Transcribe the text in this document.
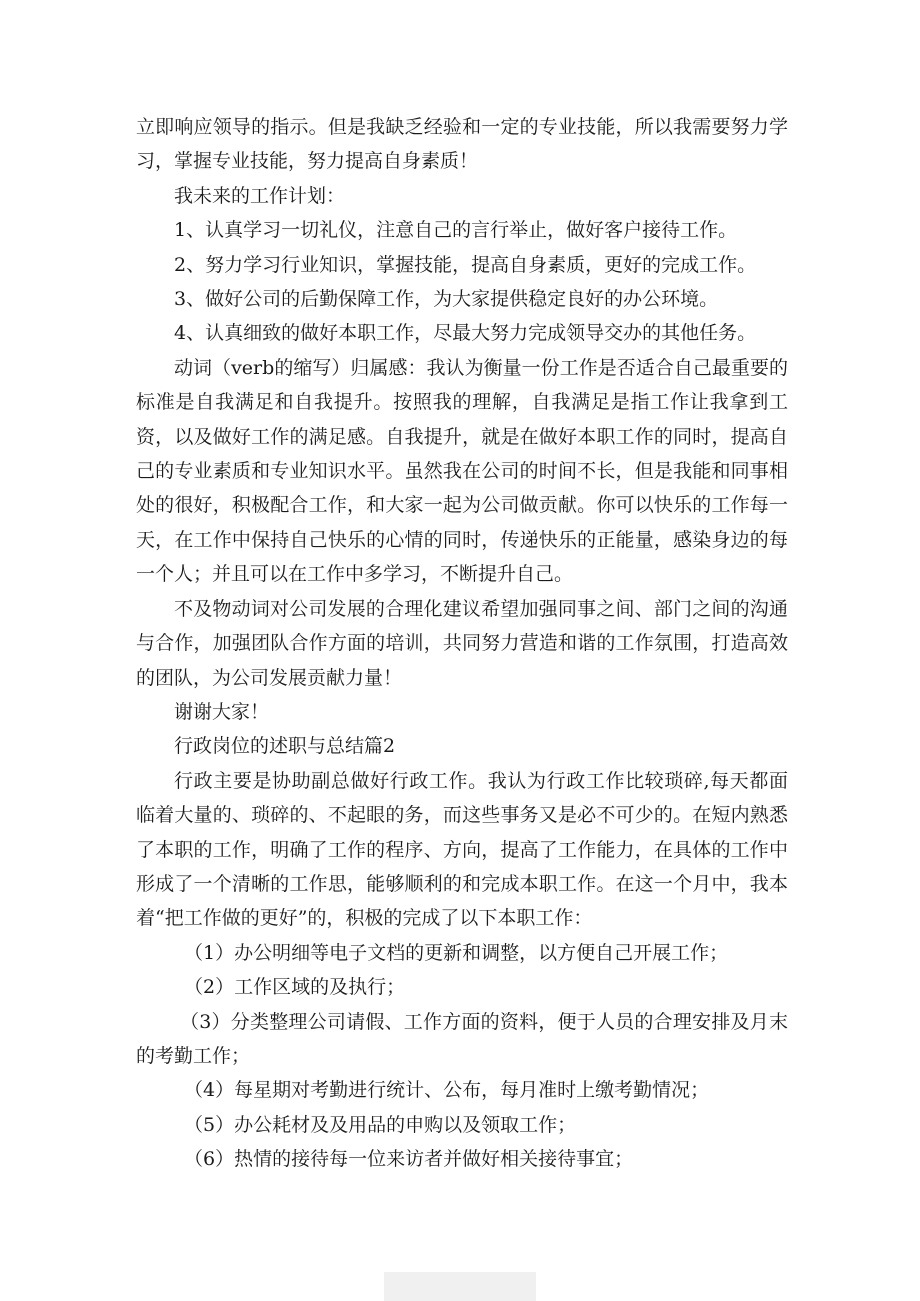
立即响应领导的指示。但是我缺乏经验和一定的专业技能，所以我需要努力学习，掌握专业技能，努力提高自身素质！

我未来的工作计划：

1、认真学习一切礼仪，注意自己的言行举止，做好客户接待工作。

2、努力学习行业知识，掌握技能，提高自身素质，更好的完成工作。

3、做好公司的后勤保障工作，为大家提供稳定良好的办公环境。

4、认真细致的做好本职工作，尽最大努力完成领导交办的其他任务。

动词（verb的缩写）归属感：我认为衡量一份工作是否适合自己最重要的标准是自我满足和自我提升。按照我的理解，自我满足是指工作让我拿到工资，以及做好工作的满足感。自我提升，就是在做好本职工作的同时，提高自己的专业素质和专业知识水平。虽然我在公司的时间不长，但是我能和同事相处的很好，积极配合工作，和大家一起为公司做贡献。你可以快乐的工作每一天，在工作中保持自己快乐的心情的同时，传递快乐的正能量，感染身边的每一个人；并且可以在工作中多学习，不断提升自己。

不及物动词对公司发展的合理化建议希望加强同事之间、部门之间的沟通与合作，加强团队合作方面的培训，共同努力营造和谐的工作氛围，打造高效的团队，为公司发展贡献力量！

谢谢大家！

行政岗位的述职与总结篇2

行政主要是协助副总做好行政工作。我认为行政工作比较琐碎,每天都面临着大量的、琐碎的、不起眼的务，而这些事务又是必不可少的。在短内熟悉了本职的工作，明确了工作的程序、方向，提高了工作能力，在具体的工作中形成了一个清晰的工作思，能够顺利的和完成本职工作。在这一个月中，我本着“把工作做的更好”的，积极的完成了以下本职工作：

（1）办公明细等电子文档的更新和调整，以方便自己开展工作；

（2）工作区域的及执行；

（3）分类整理公司请假、工作方面的资料，便于人员的合理安排及月末的考勤工作；

（4）每星期对考勤进行统计、公布，每月准时上缴考勤情况；

（5）办公耗材及及用品的申购以及领取工作；

（6）热情的接待每一位来访者并做好相关接待事宜；
